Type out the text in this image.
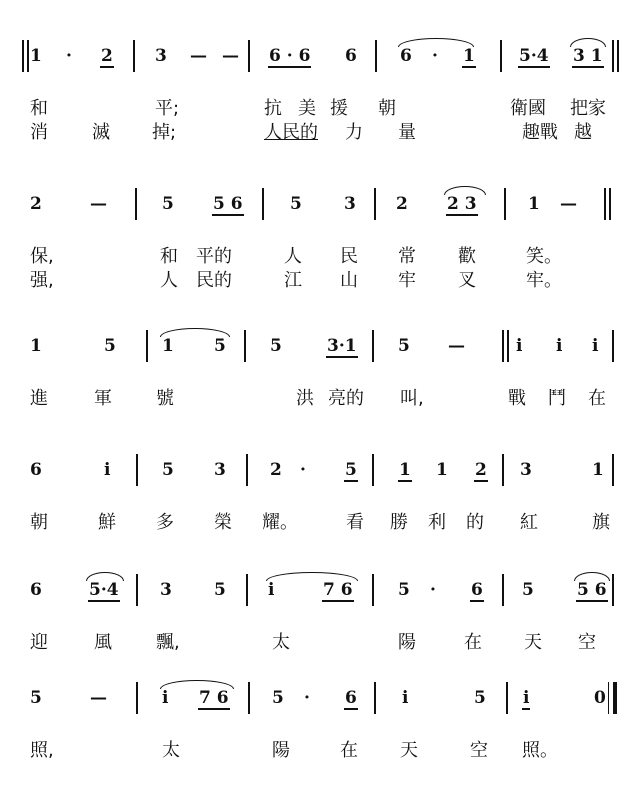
1 · 2 3 — — 6 · 6 6	6 · 1	5·4 3 1
和	平;	抗 美 援 朝	衛國 把家
消 滅 掉;	人民的 力 量	趣戰 越
2	—	5 5 6	5 3 2 2 3	1 —
保,	和 平的	人 民 常 歡	笑。
强,	人 民的	江 山 牢 叉	牢。
1	5	1 5	5	3·1 5 —	i i i
進	軍 號	洪 亮的 叫,	戰 鬥 在
6	i	5 3	2 · 5 1 1 2 3	1
朝	鮮 多 榮 耀。	看 勝 利 的 紅	旗
6	5·4 3 5 i	7 6	5 · 6 5	5 6
迎	風 飄,	太	陽	在 天 空
5	—	i 7 6	5 · 6	i	5 i	0
照,	太	陽	在 天	空 照。
